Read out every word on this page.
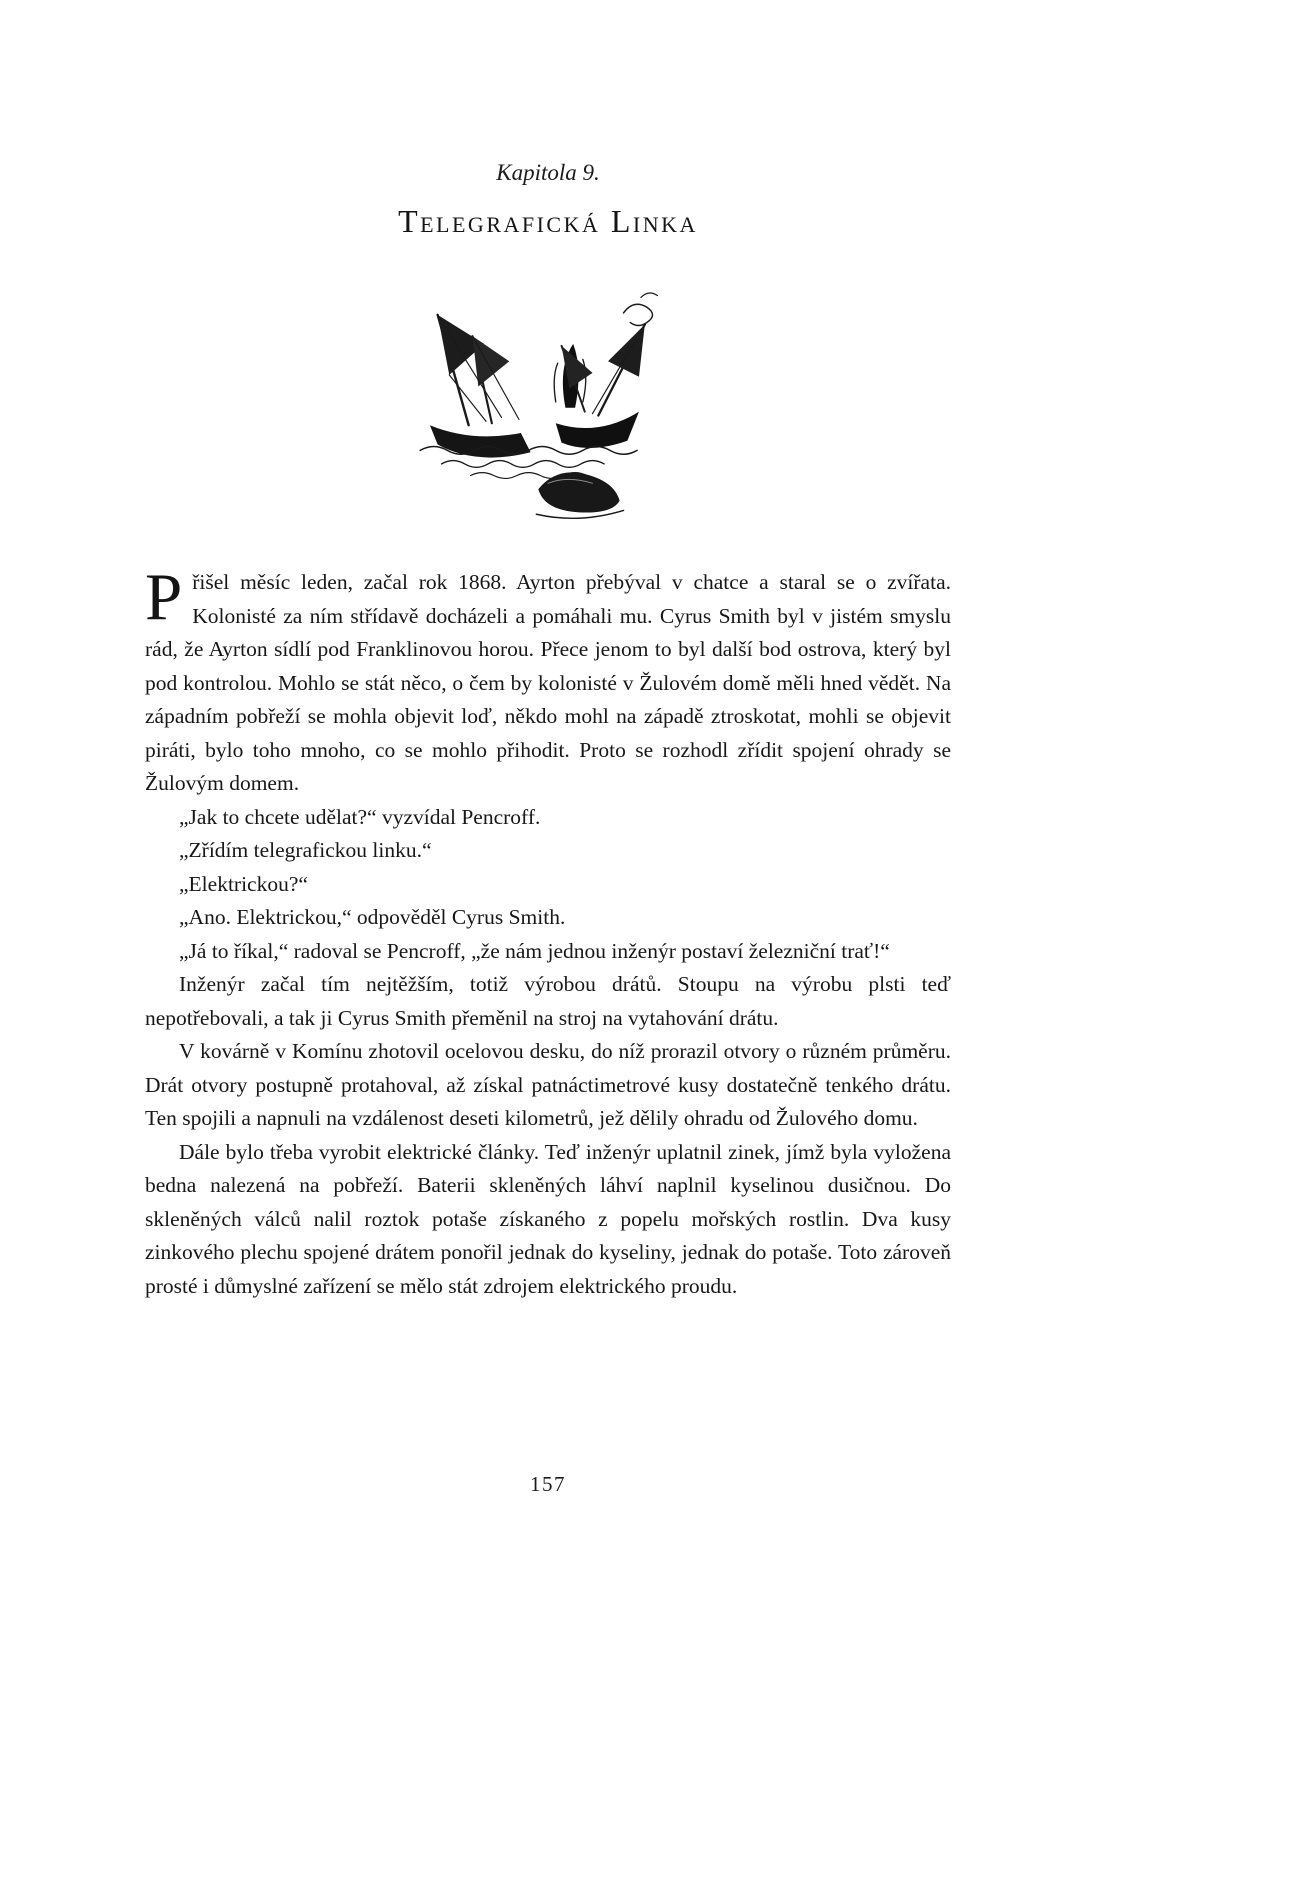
Kapitola 9.
Telegrafická Linka

Přišel měsíc leden, začal rok 1868. Ayrton přebýval v chatce a staral se o zvířata. Kolonisté za ním střídavě docházeli a pomáhali mu. Cyrus Smith byl v jistém smyslu rád, že Ayrton sídlí pod Franklinovou horou. Přece jenom to byl další bod ostrova, který byl pod kontrolou. Mohlo se stát něco, o čem by kolonisté v Žulovém domě měli hned vědět. Na západním pobřeží se mohla objevit loď, někdo mohl na západě ztroskotat, mohli se objevit piráti, bylo toho mnoho, co se mohlo přihodit. Proto se rozhodl zřídit spojení ohrady se Žulovým domem.

„Jak to chcete udělat?“ vyzvídal Pencroff.

„Zřídím telegrafickou linku.“

„Elektrickou?“

„Ano. Elektrickou,“ odpověděl Cyrus Smith.

„Já to říkal,“ radoval se Pencroff, „že nám jednou inženýr postaví železniční trať!“

Inženýr začal tím nejtěžším, totiž výrobou drátů. Stoupu na výrobu plsti teď nepotřebovali, a tak ji Cyrus Smith přeměnil na stroj na vytahování drátu.

V kovárně v Komínu zhotovil ocelovou desku, do níž prorazil otvory o různém průměru. Drát otvory postupně protahoval, až získal patnáctimetrové kusy dostatečně tenkého drátu. Ten spojili a napnuli na vzdálenost deseti kilometrů, jež dělily ohradu od Žulového domu.

Dále bylo třeba vyrobit elektrické články. Teď inženýr uplatnil zinek, jímž byla vyložena bedna nalezená na pobřeží. Baterii skleněných láhví naplnil kyselinou dusičnou. Do skleněných válců nalil roztok potaše získaného z popelu mořských rostlin. Dva kusy zinkového plechu spojené drátem ponořil jednak do kyseliny, jednak do potaše. Toto zároveň prosté i důmyslné zařízení se mělo stát zdrojem elektrického proudu.

157
